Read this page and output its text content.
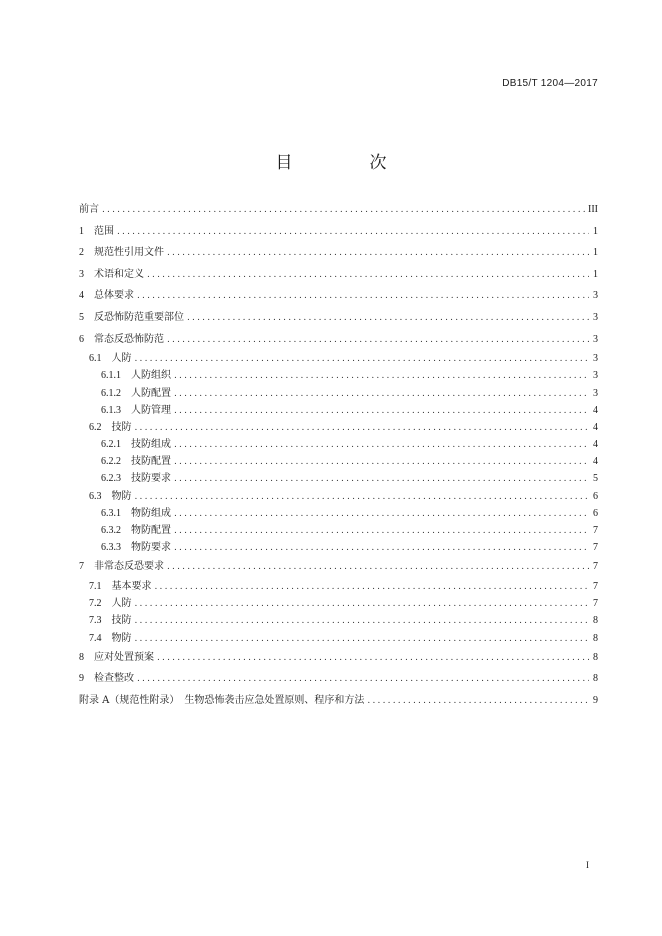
DB15/T 1204—2017
目　次
前言 .....	III
1 范围 .....	1
2 规范性引用文件 .....	1
3 术语和定义 .....	1
4 总体要求 .....	3
5 反恐怖防范重要部位 .....	3
6 常态反恐怖防范 .....	3
6.1 人防 .....	3
6.1.1 人防组织 .....	3
6.1.2 人防配置 .....	3
6.1.3 人防管理 .....	4
6.2 技防 .....	4
6.2.1 技防组成 .....	4
6.2.2 技防配置 .....	4
6.2.3 技防要求 .....	5
6.3 物防 .....	6
6.3.1 物防组成 .....	6
6.3.2 物防配置 .....	7
6.3.3 物防要求 .....	7
7 非常态反恐要求 .....	7
7.1 基本要求 .....	7
7.2 人防 .....	7
7.3 技防 .....	8
7.4 物防 .....	8
8 应对处置预案 .....	8
9 检查整改 .....	8
附录 A（规范性附录）　生物恐怖袭击应急处置原则、程序和方法 .....	9
I
